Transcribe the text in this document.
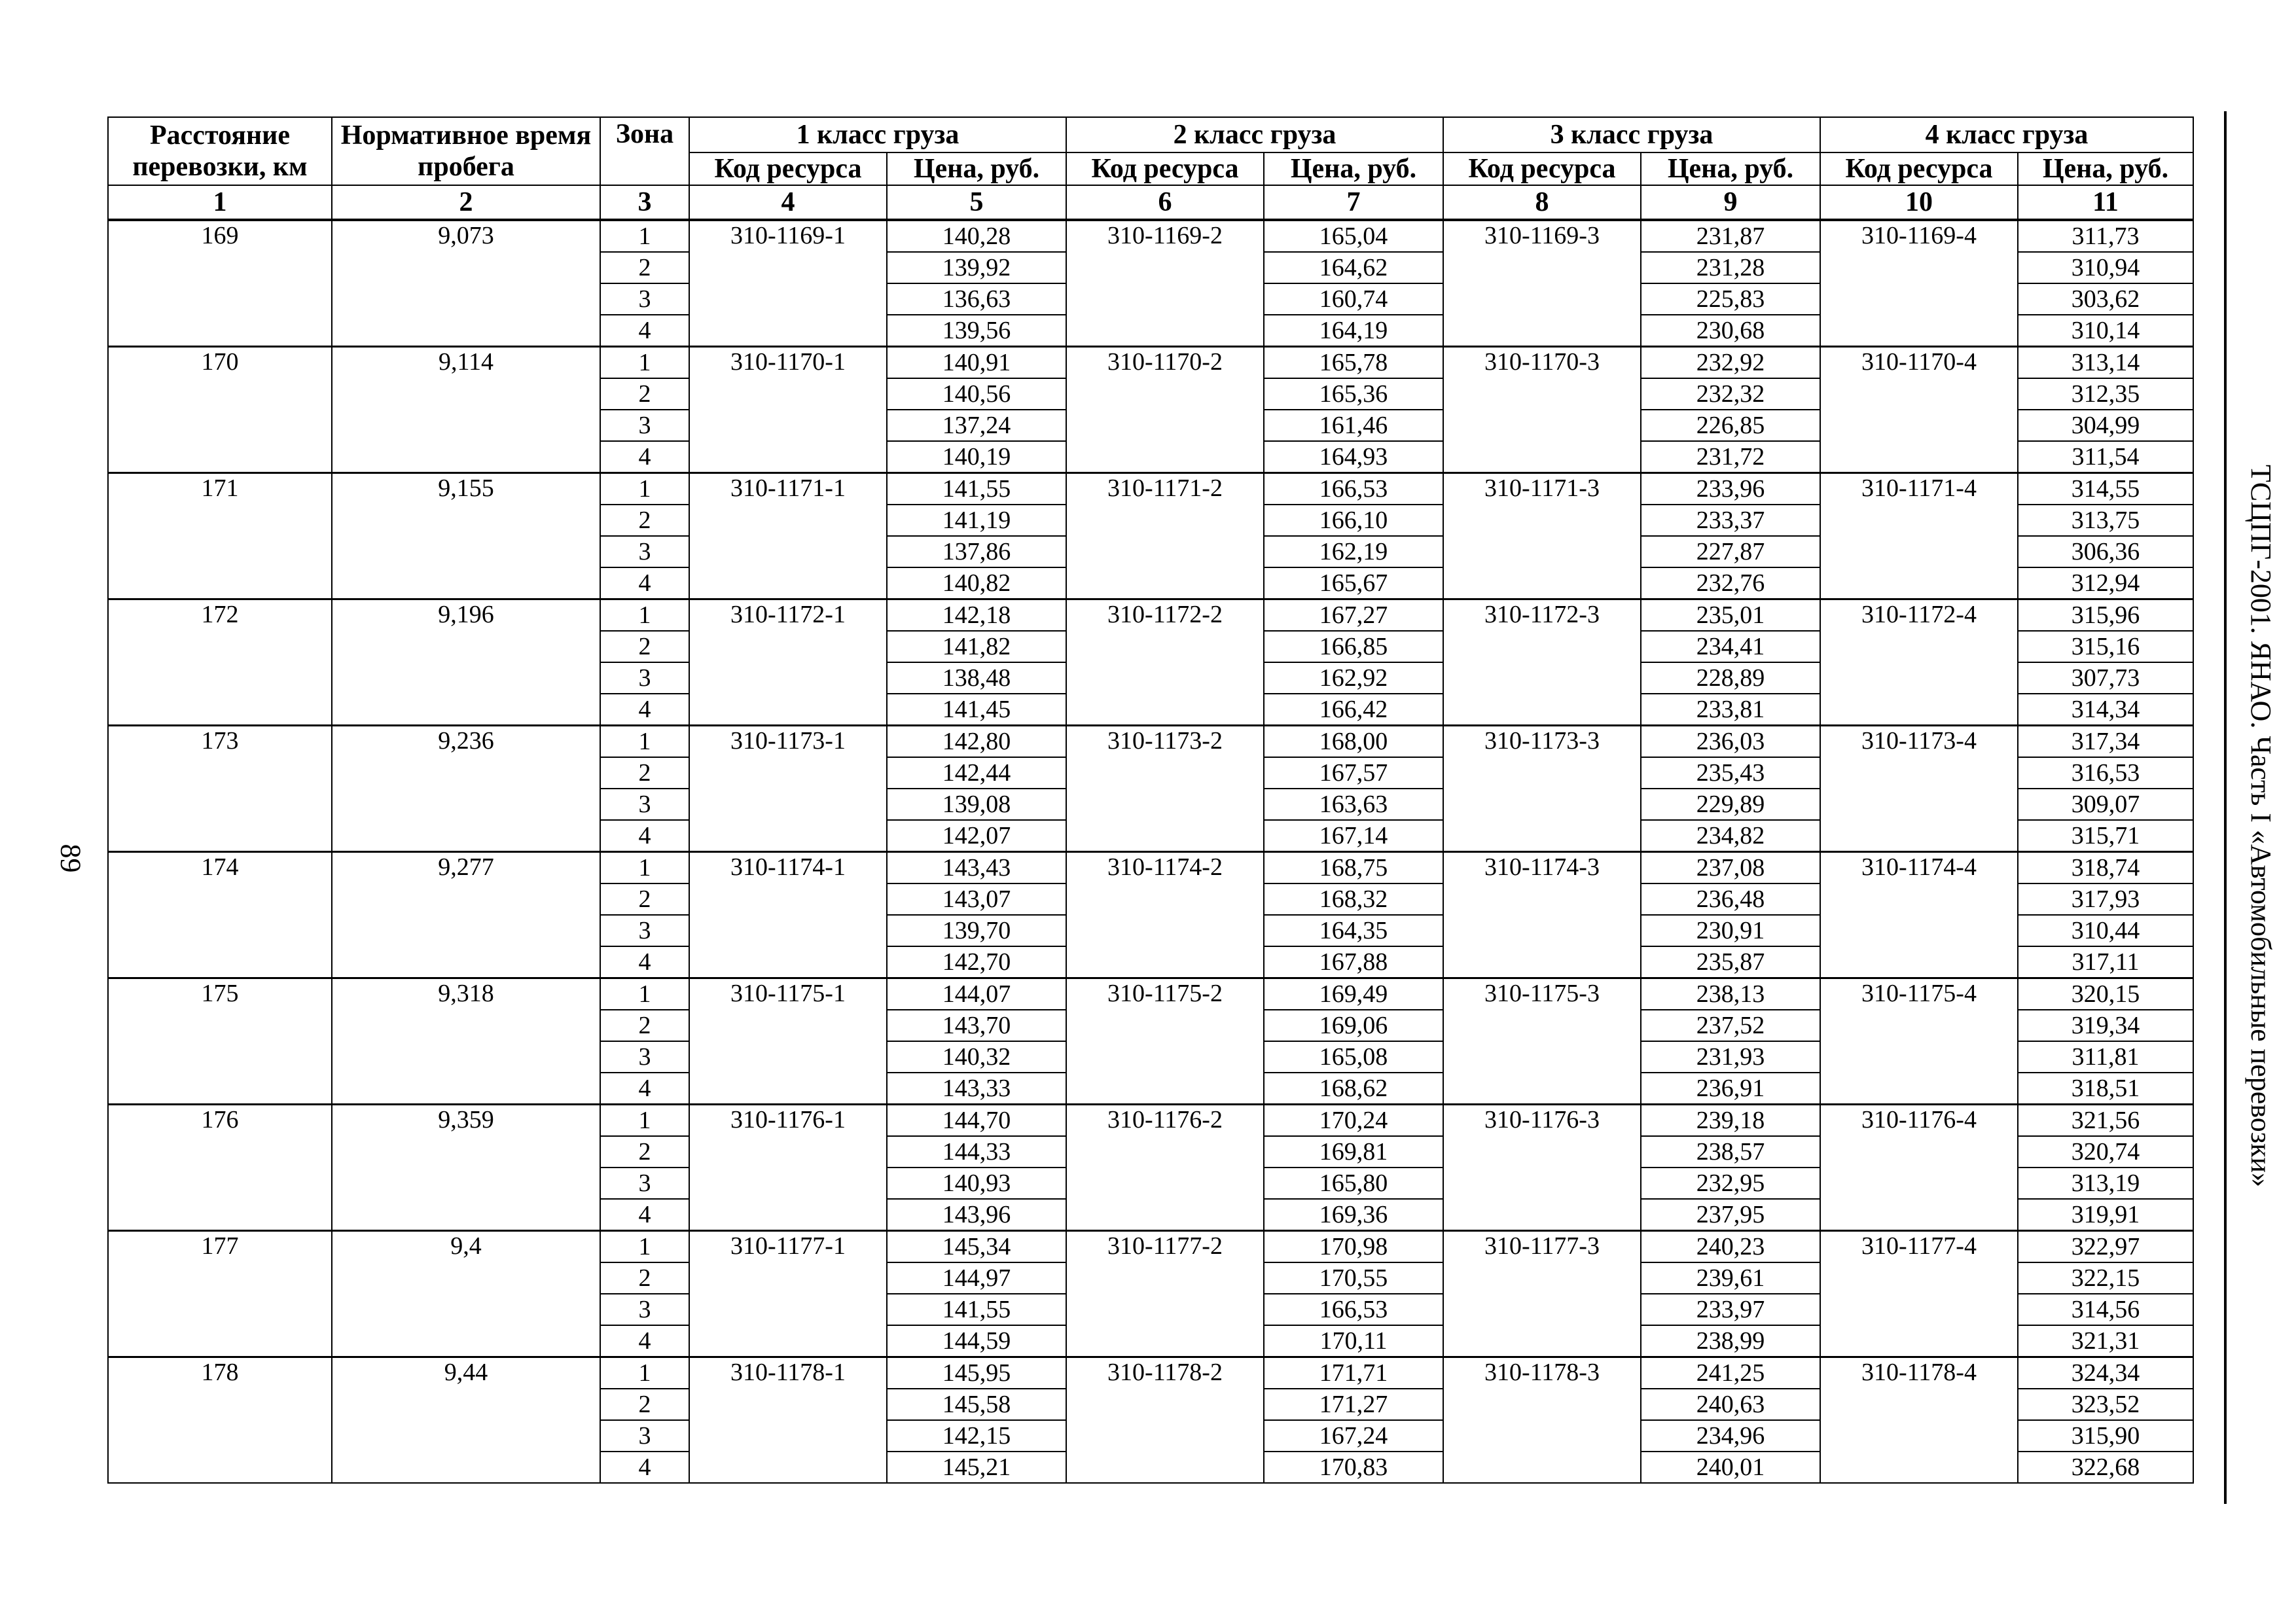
89
Расстояние перевозки, км	Нормативное время пробега	Зона	1 класс груза		2 класс груза		3 класс груза		4 класс груза	
			Код ресурса	Цена, руб.	Код ресурса	Цена, руб.	Код ресурса	Цена, руб.	Код ресурса	Цена, руб.
1	2	3	4	5	6	7	8	9	10	11
169	9,073	1	310-1169-1	140,28	310-1169-2	165,04	310-1169-3	231,87	310-1169-4	311,73
		2		139,92		164,62		231,28		310,94
		3		136,63		160,74		225,83		303,62
		4		139,56		164,19		230,68		310,14
170	9,114	1	310-1170-1	140,91	310-1170-2	165,78	310-1170-3	232,92	310-1170-4	313,14
		2		140,56		165,36		232,32		312,35
		3		137,24		161,46		226,85		304,99
		4		140,19		164,93		231,72		311,54
171	9,155	1	310-1171-1	141,55	310-1171-2	166,53	310-1171-3	233,96	310-1171-4	314,55
		2		141,19		166,10		233,37		313,75
		3		137,86		162,19		227,87		306,36
		4		140,82		165,67		232,76		312,94
172	9,196	1	310-1172-1	142,18	310-1172-2	167,27	310-1172-3	235,01	310-1172-4	315,96
		2		141,82		166,85		234,41		315,16
		3		138,48		162,92		228,89		307,73
		4		141,45		166,42		233,81		314,34
173	9,236	1	310-1173-1	142,80	310-1173-2	168,00	310-1173-3	236,03	310-1173-4	317,34
		2		142,44		167,57		235,43		316,53
		3		139,08		163,63		229,89		309,07
		4		142,07		167,14		234,82		315,71
174	9,277	1	310-1174-1	143,43	310-1174-2	168,75	310-1174-3	237,08	310-1174-4	318,74
		2		143,07		168,32		236,48		317,93
		3		139,70		164,35		230,91		310,44
		4		142,70		167,88		235,87		317,11
175	9,318	1	310-1175-1	144,07	310-1175-2	169,49	310-1175-3	238,13	310-1175-4	320,15
		2		143,70		169,06		237,52		319,34
		3		140,32		165,08		231,93		311,81
		4		143,33		168,62		236,91		318,51
176	9,359	1	310-1176-1	144,70	310-1176-2	170,24	310-1176-3	239,18	310-1176-4	321,56
		2		144,33		169,81		238,57		320,74
		3		140,93		165,80		232,95		313,19
		4		143,96		169,36		237,95		319,91
177	9,4	1	310-1177-1	145,34	310-1177-2	170,98	310-1177-3	240,23	310-1177-4	322,97
		2		144,97		170,55		239,61		322,15
		3		141,55		166,53		233,97		314,56
		4		144,59		170,11		238,99		321,31
178	9,44	1	310-1178-1	145,95	310-1178-2	171,71	310-1178-3	241,25	310-1178-4	324,34
		2		145,58		171,27		240,63		323,52
		3		142,15		167,24		234,96		315,90
		4		145,21		170,83		240,01		322,68
ТСЦПГ-2001. ЯНАО. Часть I «Автомобильные перевозки»
